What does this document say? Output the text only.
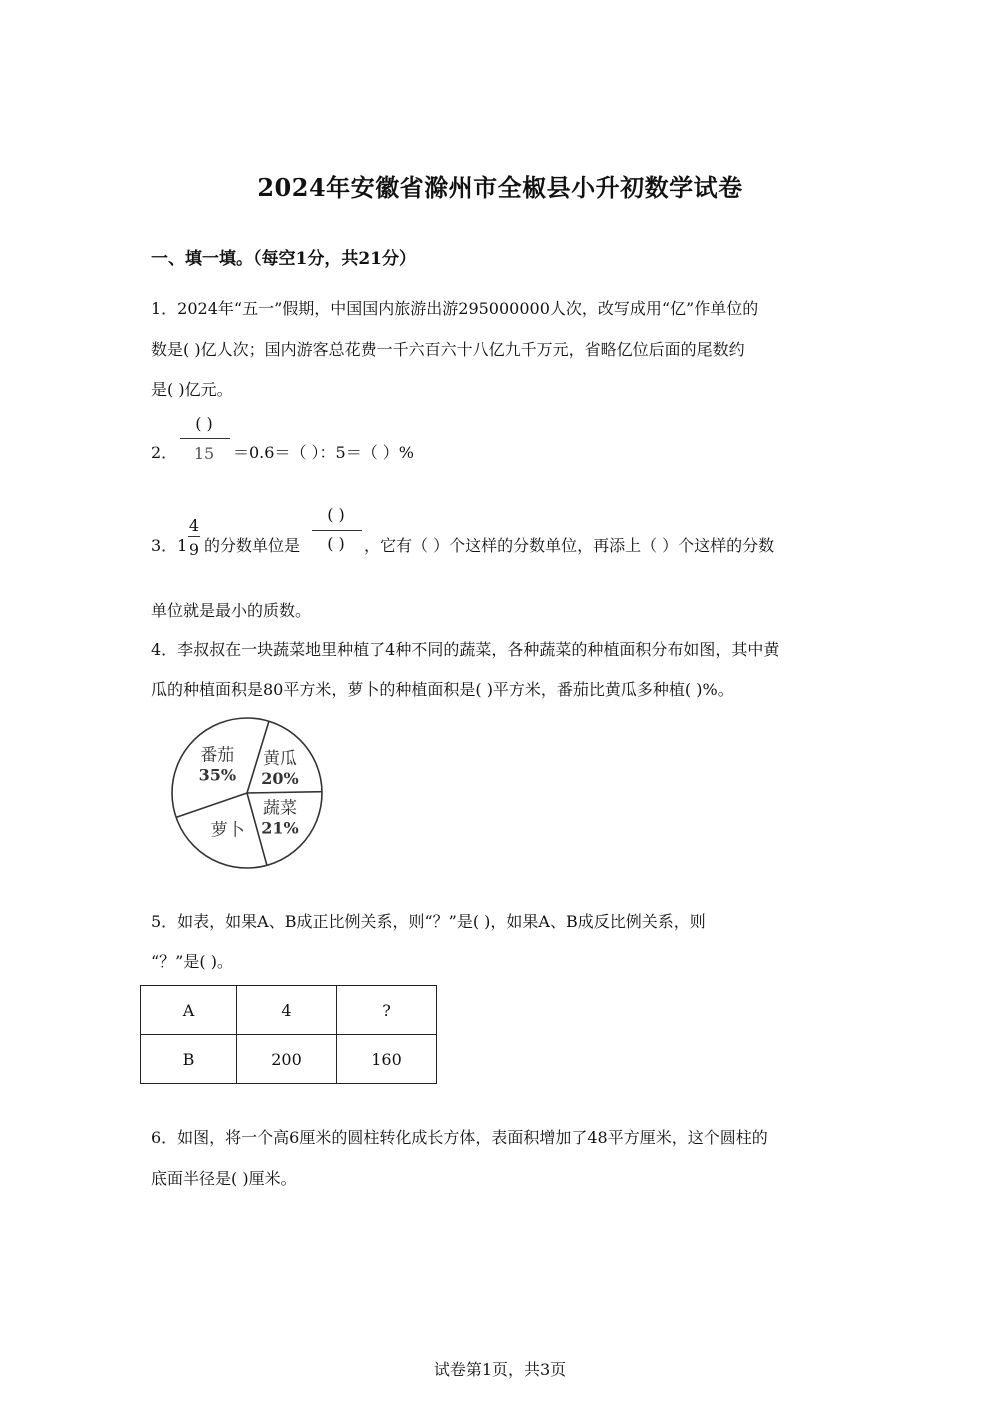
2024年安徽省滁州市全椒县小升初数学试卷
一、填一填。（每空1分，共21分）
1．2024年“五一”假期，中国国内旅游出游295000000人次，改写成用“亿”作单位的
数是( )亿人次；国内游客总花费一千六百六十八亿九千万元，省略亿位后面的尾数约
是( )亿元。
2．
( )
15	＝0.6＝（ ）：5＝（ ）%
3．1
4
9 的分数单位是
( )
( )	，它有（ ）个这样的分数单位，再添上（ ）个这样的分数
单位就是最小的质数。
4．李叔叔在一块蔬菜地里种植了4种不同的蔬菜，各种蔬菜的种植面积分布如图，其中黄
瓜的种植面积是80平方米，萝卜的种植面积是( )平方米，番茄比黄瓜多种植( )%。
黄瓜
20%
蔬菜
21%
萝卜
番茄
35%
5．如表，如果A、B成正比例关系，则“？”是( )，如果A、B成反比例关系，则
“？”是( )。
A	4	?
B	200	160
6．如图，将一个高6厘米的圆柱转化成长方体，表面积增加了48平方厘米，这个圆柱的
底面半径是( )厘米。
试卷第1页，共3页
